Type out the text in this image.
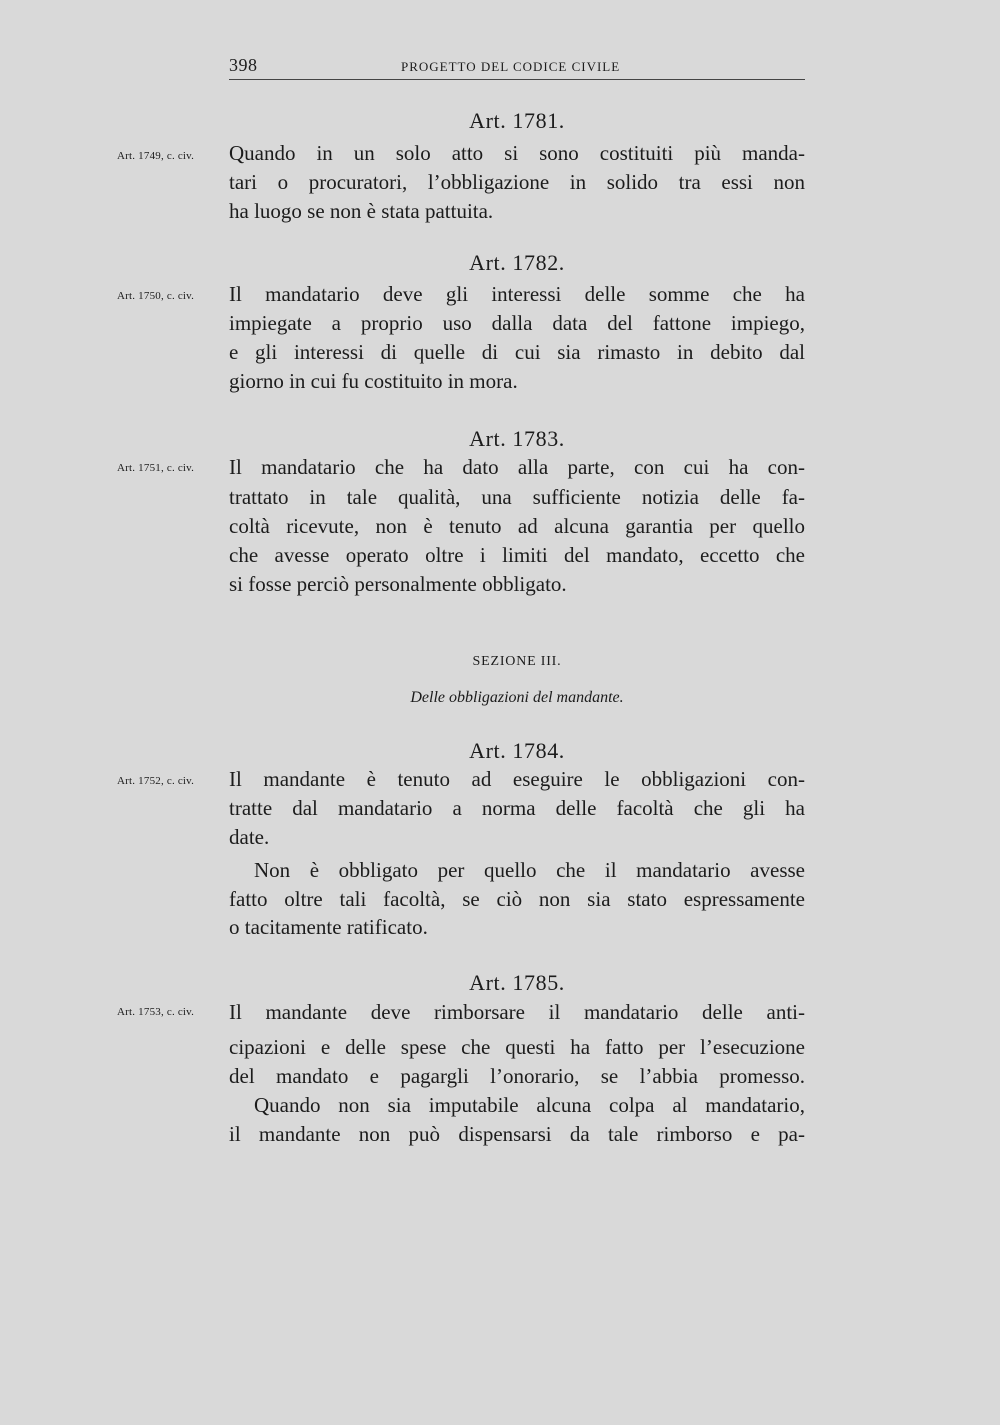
398	PROGETTO DEL CODICE CIVILE
Art. 1781.
Art. 1749, c. civ.	Quando in un solo atto si sono costituiti più manda-
tari o procuratori, l’obbligazione in solido tra essi non
ha luogo se non è stata pattuita.
Art. 1782.
Art. 1750, c. civ.	Il mandatario deve gli interessi delle somme che ha
impiegate a proprio uso dalla data del fattone impiego,
e gli interessi di quelle di cui sia rimasto in debito dal
giorno in cui fu costituito in mora.
Art. 1783.
Art. 1751, c. civ.	Il mandatario che ha dato alla parte, con cui ha con-
trattato in tale qualità, una sufficiente notizia delle fa-
coltà ricevute, non è tenuto ad alcuna garantia per quello
che avesse operato oltre i limiti del mandato, eccetto che
si fosse perciò personalmente obbligato.
SEZIONE III.
Delle obbligazioni del mandante.
Art. 1784.
Art. 1752, c. civ.	Il mandante è tenuto ad eseguire le obbligazioni con-
tratte dal mandatario a norma delle facoltà che gli ha
date.
Non è obbligato per quello che il mandatario avesse
fatto oltre tali facoltà, se ciò non sia stato espressamente
o tacitamente ratificato.
Art. 1785.
Art. 1753, c. civ.	Il mandante deve rimborsare il mandatario delle anti-
cipazioni e delle spese che questi ha fatto per l’esecuzione
del mandato e pagargli l’onorario, se l’abbia promesso.
Quando non sia imputabile alcuna colpa al mandatario,
il mandante non può dispensarsi da tale rimborso e pa-
